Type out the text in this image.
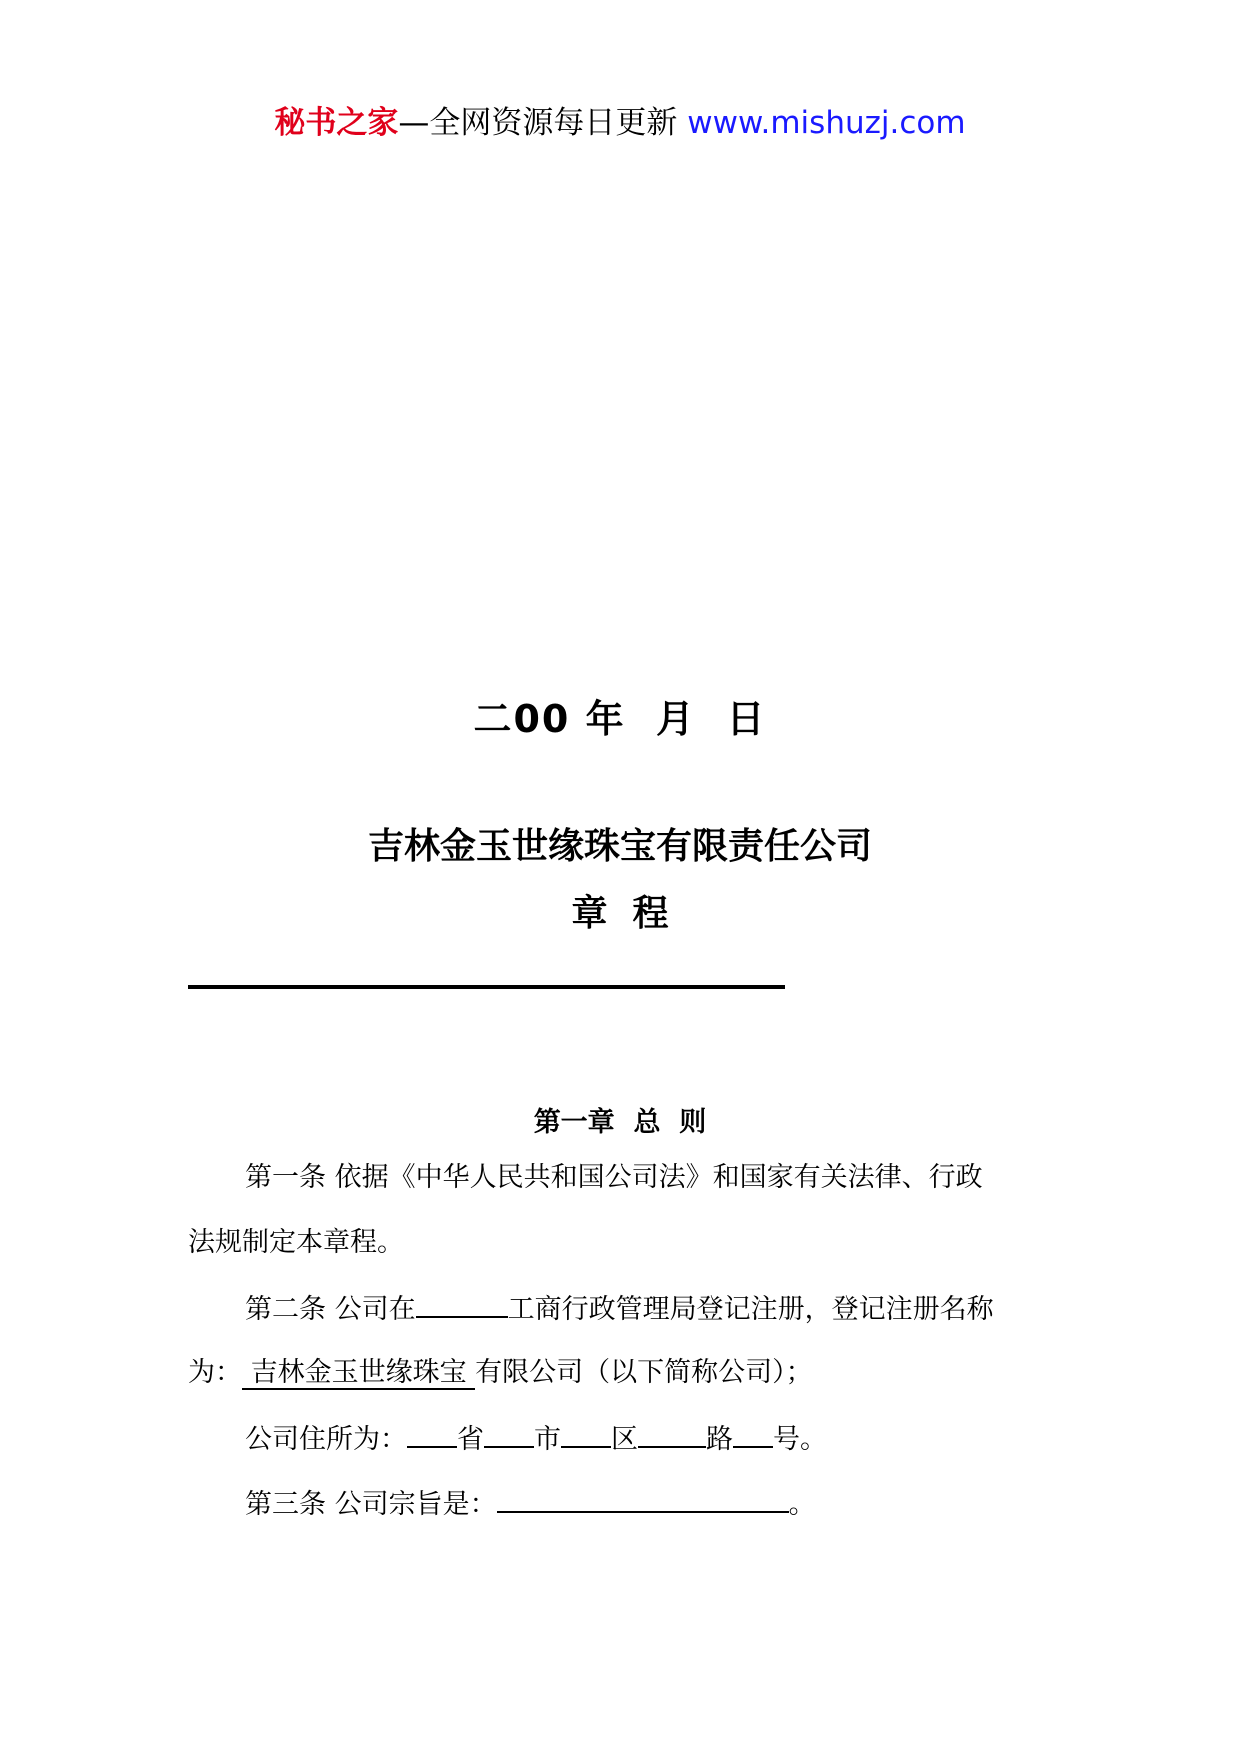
秘书之家—全网资源每日更新 www.mishuzj.com
二00 年  月  日
吉林金玉世缘珠宝有限责任公司
章  程
第一章  总  则
第一条 依据《中华人民共和国公司法》和国家有关法律、行政
法规制定本章程。
第二条 公司在	工商行政管理局登记注册，登记注册名称
为： 吉林金玉世缘珠宝 有限公司（以下简称公司）；
公司住所为： 省 市 区	路 号。
第三条 公司宗旨是：	。
